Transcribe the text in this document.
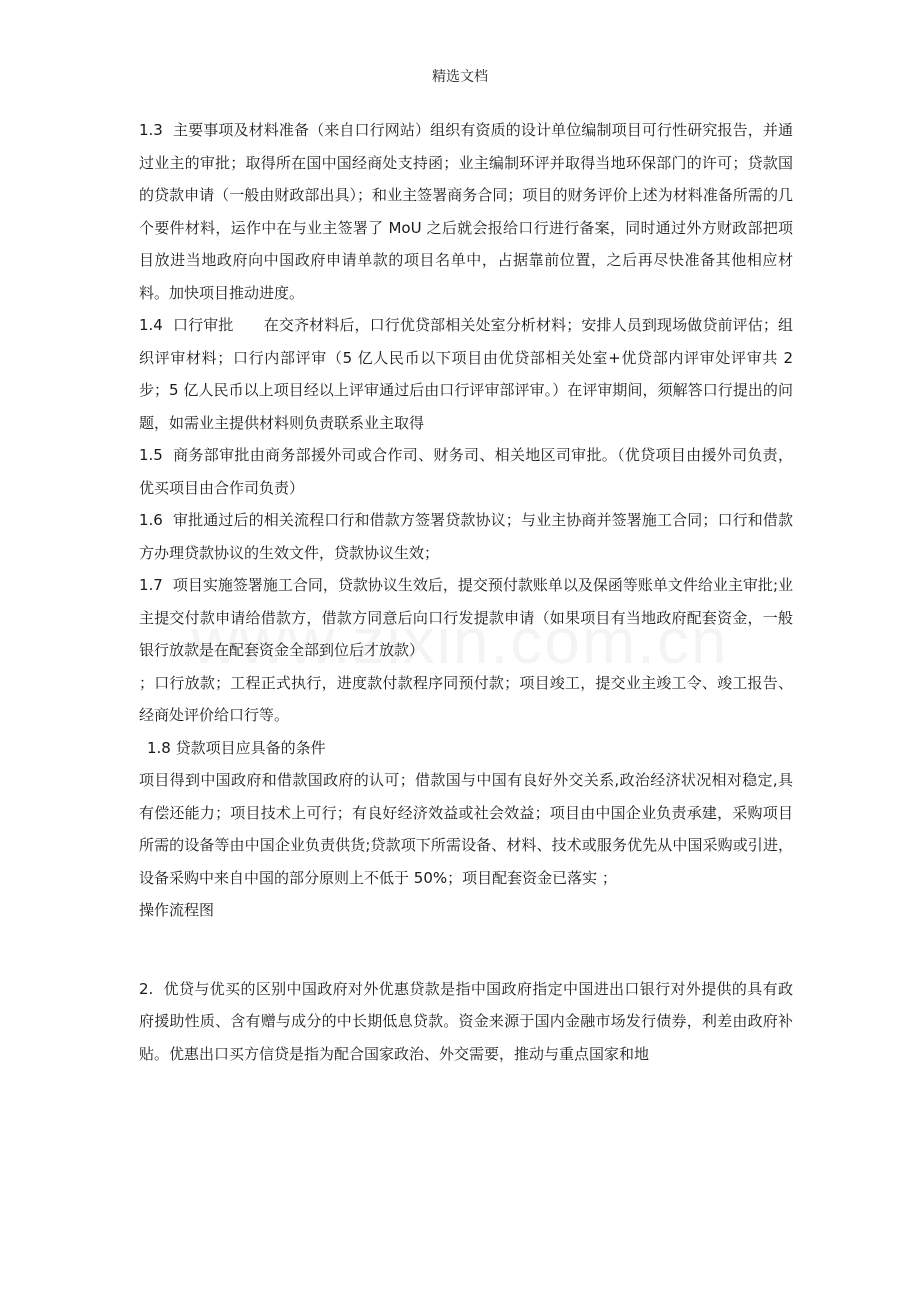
精选文档

1.3 主要事项及材料准备（来自口行网站）组织有资质的设计单位编制项目可行性研究报告，并通过业主的审批；取得所在国中国经商处支持函；业主编制环评并取得当地环保部门的许可；贷款国的贷款申请（一般由财政部出具）；和业主签署商务合同；项目的财务评价上述为材料准备所需的几个要件材料，运作中在与业主签署了 MoU 之后就会报给口行进行备案，同时通过外方财政部把项目放进当地政府向中国政府申请单款的项目名单中，占据靠前位置，之后再尽快准备其他相应材料。加快项目推动进度。

1.4 口行审批　　在交齐材料后，口行优贷部相关处室分析材料；安排人员到现场做贷前评估；组织评审材料；口行内部评审（5 亿人民币以下项目由优贷部相关处室+优贷部内评审处评审共 2 步；5 亿人民币以上项目经以上评审通过后由口行评审部评审。）在评审期间，须解答口行提出的问题，如需业主提供材料则负责联系业主取得

1.5 商务部审批由商务部援外司或合作司、财务司、相关地区司审批。（优贷项目由援外司负责，优买项目由合作司负责）

1.6 审批通过后的相关流程口行和借款方签署贷款协议；与业主协商并签署施工合同；口行和借款方办理贷款协议的生效文件，贷款协议生效；

1.7 项目实施签署施工合同，贷款协议生效后，提交预付款账单以及保函等账单文件给业主审批;业主提交付款申请给借款方，借款方同意后向口行发提款申请（如果项目有当地政府配套资金，一般银行放款是在配套资金全部到位后才放款）

；口行放款；工程正式执行，进度款付款程序同预付款；项目竣工，提交业主竣工令、竣工报告、经商处评价给口行等。

1.8 贷款项目应具备的条件

项目得到中国政府和借款国政府的认可；借款国与中国有良好外交关系,政治经济状况相对稳定,具有偿还能力；项目技术上可行；有良好经济效益或社会效益；项目由中国企业负责承建，采购项目所需的设备等由中国企业负责供货;贷款项下所需设备、材料、技术或服务优先从中国采购或引进，设备采购中来自中国的部分原则上不低于 50%；项目配套资金已落实 ；

操作流程图

2. 优贷与优买的区别中国政府对外优惠贷款是指中国政府指定中国进出口银行对外提供的具有政府援助性质、含有赠与成分的中长期低息贷款。资金来源于国内金融市场发行债券，利差由政府补贴。优惠出口买方信贷是指为配合国家政治、外交需要，推动与重点国家和地
